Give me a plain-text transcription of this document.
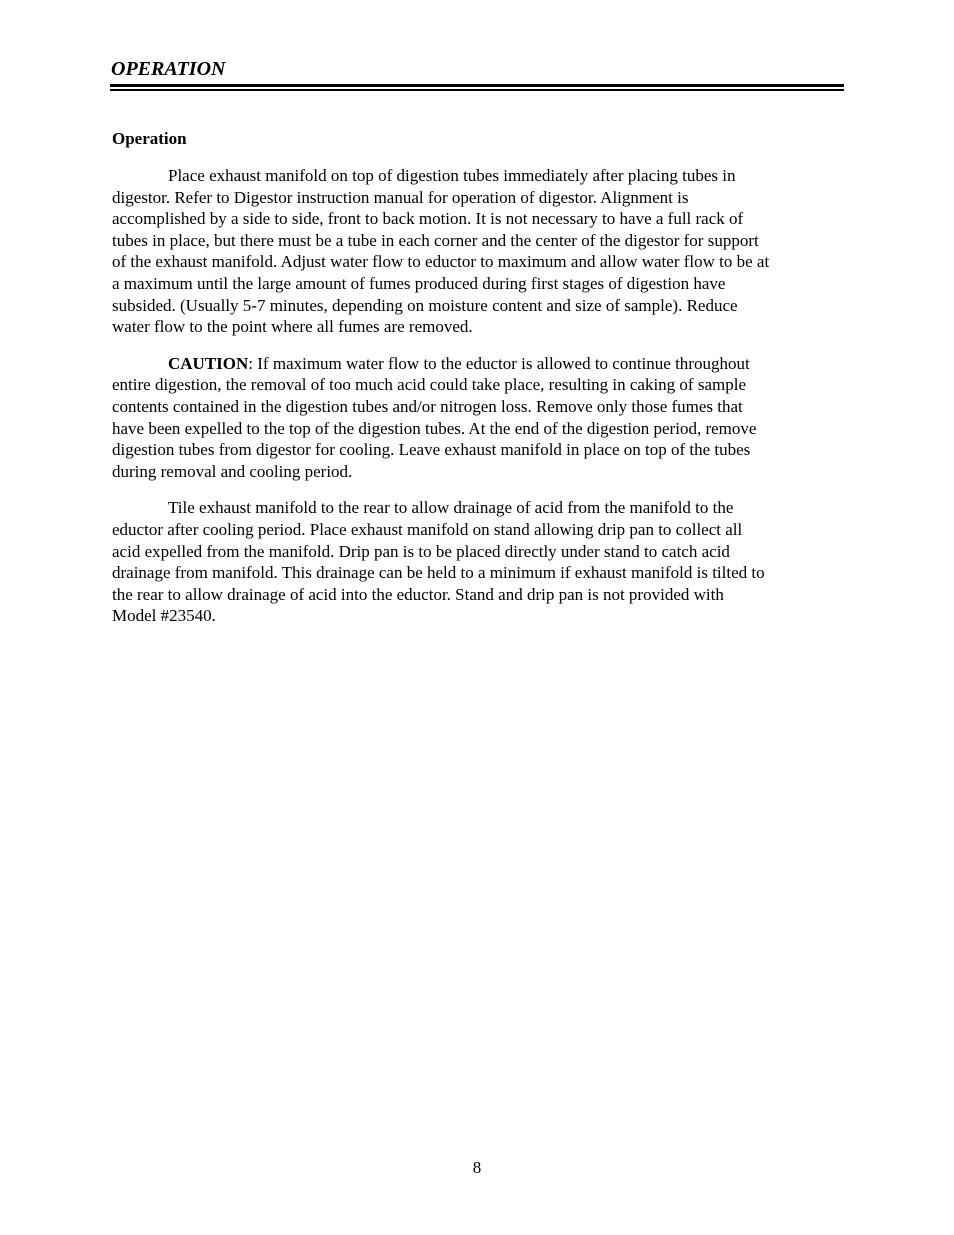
OPERATION
Operation

Place exhaust manifold on top of digestion tubes immediately after placing tubes in
digestor. Refer to Digestor instruction manual for operation of digestor. Alignment is
accomplished by a side to side, front to back motion. It is not necessary to have a full rack of
tubes in place, but there must be a tube in each corner and the center of the digestor for support
of the exhaust manifold. Adjust water flow to eductor to maximum and allow water flow to be at
a maximum until the large amount of fumes produced during first stages of digestion have
subsided. (Usually 5-7 minutes, depending on moisture content and size of sample). Reduce
water flow to the point where all fumes are removed.

CAUTION: If maximum water flow to the eductor is allowed to continue throughout
entire digestion, the removal of too much acid could take place, resulting in caking of sample
contents contained in the digestion tubes and/or nitrogen loss. Remove only those fumes that
have been expelled to the top of the digestion tubes. At the end of the digestion period, remove
digestion tubes from digestor for cooling. Leave exhaust manifold in place on top of the tubes
during removal and cooling period.

Tile exhaust manifold to the rear to allow drainage of acid from the manifold to the
eductor after cooling period. Place exhaust manifold on stand allowing drip pan to collect all
acid expelled from the manifold. Drip pan is to be placed directly under stand to catch acid
drainage from manifold. This drainage can be held to a minimum if exhaust manifold is tilted to
the rear to allow drainage of acid into the eductor. Stand and drip pan is not provided with
Model #23540.

8
